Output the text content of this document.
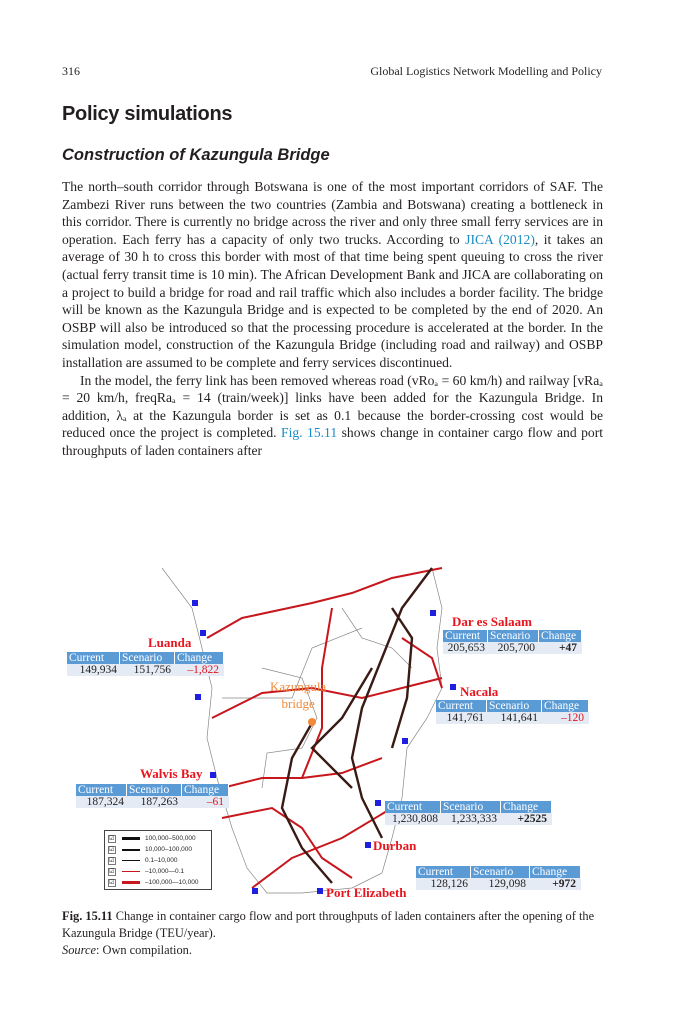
316	Global Logistics Network Modelling and Policy
Policy simulations
Construction of Kazungula Bridge

The north–south corridor through Botswana is one of the most important corridors of SAF. The Zambezi River runs between the two countries (Zambia and Botswana) creating a bottleneck in this corridor. There is currently no bridge across the river and only three small ferry services are in operation. Each ferry has a capacity of only two trucks. According to JICA (2012), it takes an average of 30 h to cross this border with most of that time being spent queuing to cross the river (actual ferry transit time is 10 min). The African Development Bank and JICA are collaborating on a project to build a bridge for road and rail traffic which also includes a border facility. The bridge will be known as the Kazungula Bridge and is expected to be completed by the end of 2020. An OSBP will also be introduced so that the processing procedure is accelerated at the border. In the simulation model, construction of the Kazungula Bridge (including road and railway) and OSBP installation are assumed to be complete and ferry services discontinued.

In the model, the ferry link has been removed whereas road (vRoₐ = 60 km/h) and railway [vRaₐ = 20 km/h, freqRaₐ = 14 (train/week)] links have been added for the Kazungula Bridge. In addition, λₐ at the Kazungula border is set as 0.1 because the border-crossing cost would be reduced once the project is completed. Fig. 15.11 shows change in container cargo flow and port throughputs of laden containers after

Kazungula
bridge
Dar es Salaam
Current Scenario Change
205,653	205,700	+47
Luanda
Current	Scenario	Change
149,934	151,756	–1,822
Nacala
Current	Scenario	Change
141,761	141,641	–120
Walvis Bay
Current	Scenario	Change
187,324	187,263	–61
Durban
Current	Scenario	Change
1,230,808	1,233,333	+2525
Port Elizabeth
Current	Scenario	Change
128,126	129,098	+972
☑	100,000–500,000
☑	10,000–100,000
☑	0.1–10,000
☑	–10,000—0.1
☑	–100,000—10,000
Fig. 15.11 Change in container cargo flow and port throughputs of laden containers after the opening of the Kazungula Bridge (TEU/year).
Source: Own compilation.
